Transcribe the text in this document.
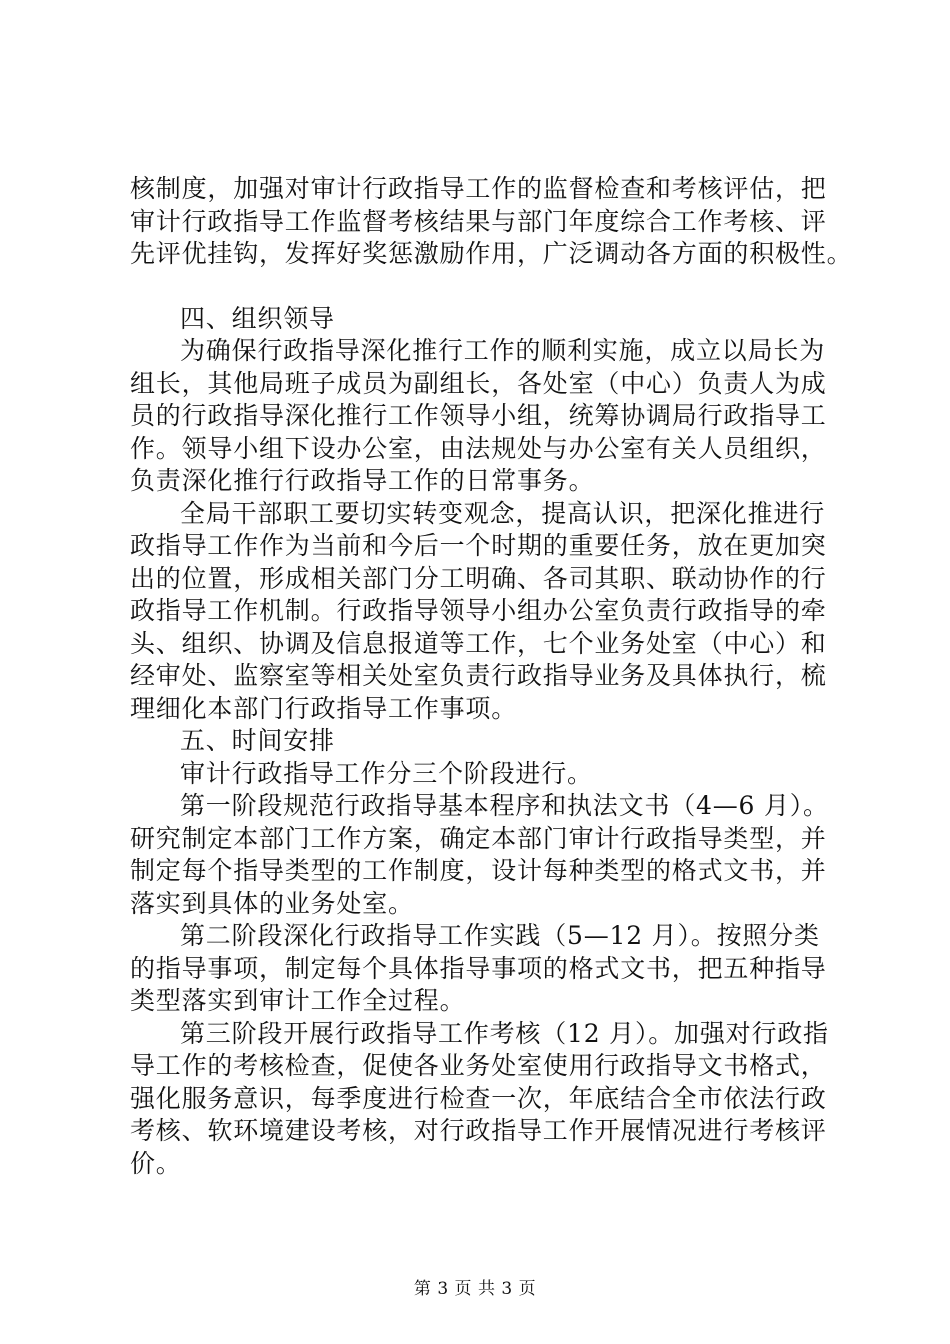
核制度，加强对审计行政指导工作的监督检查和考核评估，把
审计行政指导工作监督考核结果与部门年度综合工作考核、评
先评优挂钩，发挥好奖惩激励作用，广泛调动各方面的积极性。
四、组织领导
为确保行政指导深化推行工作的顺利实施，成立以局长为
组长，其他局班子成员为副组长，各处室（中心）负责人为成
员的行政指导深化推行工作领导小组，统筹协调局行政指导工
作。领导小组下设办公室，由法规处与办公室有关人员组织，
负责深化推行行政指导工作的日常事务。
全局干部职工要切实转变观念，提高认识，把深化推进行
政指导工作作为当前和今后一个时期的重要任务，放在更加突
出的位置，形成相关部门分工明确、各司其职、联动协作的行
政指导工作机制。行政指导领导小组办公室负责行政指导的牵
头、组织、协调及信息报道等工作，七个业务处室（中心）和
经审处、监察室等相关处室负责行政指导业务及具体执行，梳
理细化本部门行政指导工作事项。
五、时间安排
审计行政指导工作分三个阶段进行。
第一阶段规范行政指导基本程序和执法文书（4—6 月）。
研究制定本部门工作方案，确定本部门审计行政指导类型，并
制定每个指导类型的工作制度，设计每种类型的格式文书，并
落实到具体的业务处室。
第二阶段深化行政指导工作实践（5—12 月）。按照分类
的指导事项，制定每个具体指导事项的格式文书，把五种指导
类型落实到审计工作全过程。
第三阶段开展行政指导工作考核（12 月）。加强对行政指
导工作的考核检查，促使各业务处室使用行政指导文书格式，
强化服务意识，每季度进行检查一次，年底结合全市依法行政
考核、软环境建设考核，对行政指导工作开展情况进行考核评
价。
第 3 页 共 3 页
